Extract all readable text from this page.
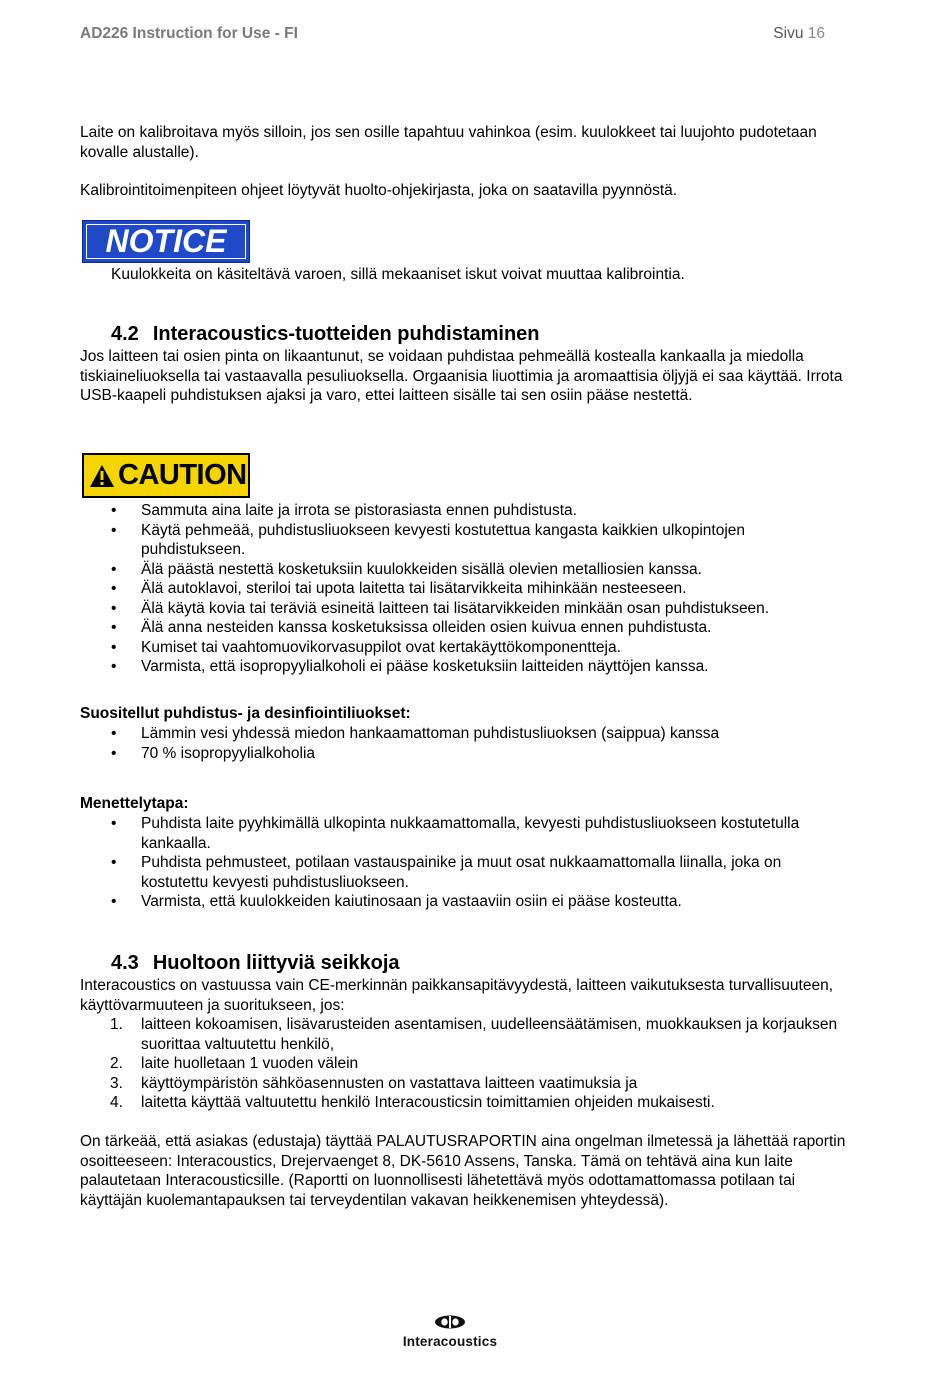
AD226 Instruction for Use - FI	Sivu 16

Laite on kalibroitava myös silloin, jos sen osille tapahtuu vahinkoa (esim. kuulokkeet tai luujohto pudotetaan kovalle alustalle).

Kalibrointitoimenpiteen ohjeet löytyvät huolto-ohjekirjasta, joka on saatavilla pyynnöstä.

NOTICE

Kuulokkeita on käsiteltävä varoen, sillä mekaaniset iskut voivat muuttaa kalibrointia.

4.2 Interacoustics-tuotteiden puhdistaminen

Jos laitteen tai osien pinta on likaantunut, se voidaan puhdistaa pehmeällä kostealla kankaalla ja miedolla tiskiaineliuoksella tai vastaavalla pesuliuoksella. Orgaanisia liuottimia ja aromaattisia öljyjä ei saa käyttää. Irrota USB-kaapeli puhdistuksen ajaksi ja varo, ettei laitteen sisälle tai sen osiin pääse nestettä.

CAUTION
• Sammuta aina laite ja irrota se pistorasiasta ennen puhdistusta.
• Käytä pehmeää, puhdistusliuokseen kevyesti kostutettua kangasta kaikkien ulkopintojen puhdistukseen.
• Älä päästä nestettä kosketuksiin kuulokkeiden sisällä olevien metalliosien kanssa.
• Älä autoklavoi, steriloi tai upota laitetta tai lisätarvikkeita mihinkään nesteeseen.
• Älä käytä kovia tai teräviä esineitä laitteen tai lisätarvikkeiden minkään osan puhdistukseen.
• Älä anna nesteiden kanssa kosketuksissa olleiden osien kuivua ennen puhdistusta.
• Kumiset tai vaahtomuovikorvasuppilot ovat kertakäyttökomponentteja.
• Varmista, että isopropyylialkoholi ei pääse kosketuksiin laitteiden näyttöjen kanssa.

Suositellut puhdistus- ja desinfiointiliuokset:

• Lämmin vesi yhdessä miedon hankaamattoman puhdistusliuoksen (saippua) kanssa
• 70 % isopropyylialkoholia

Menettelytapa:

• Puhdista laite pyyhkimällä ulkopinta nukkaamattomalla, kevyesti puhdistusliuokseen kostutetulla kankaalla.
• Puhdista pehmusteet, potilaan vastauspainike ja muut osat nukkaamattomalla liinalla, joka on kostutettu kevyesti puhdistusliuokseen.
• Varmista, että kuulokkeiden kaiutinosaan ja vastaaviin osiin ei pääse kosteutta.
4.3 Huoltoon liittyviä seikkoja

Interacoustics on vastuussa vain CE-merkinnän paikkansapitävyydestä, laitteen vaikutuksesta turvallisuuteen, käyttövarmuuteen ja suoritukseen, jos:

1. laitteen kokoamisen, lisävarusteiden asentamisen, uudelleensäätämisen, muokkauksen ja korjauksen suorittaa valtuutettu henkilö,
2. laite huolletaan 1 vuoden välein
3. käyttöympäristön sähköasennusten on vastattava laitteen vaatimuksia ja
4. laitetta käyttää valtuutettu henkilö Interacousticsin toimittamien ohjeiden mukaisesti.

On tärkeää, että asiakas (edustaja) täyttää PALAUTUSRAPORTIN aina ongelman ilmetessä ja lähettää raportin osoitteeseen: Interacoustics, Drejervaenget 8, DK-5610 Assens, Tanska. Tämä on tehtävä aina kun laite palautetaan Interacousticsille. (Raportti on luonnollisesti lähetettävä myös odottamattomassa potilaan tai käyttäjän kuolemantapauksen tai terveydentilan vakavan heikkenemisen yhteydessä).

Interacoustics
